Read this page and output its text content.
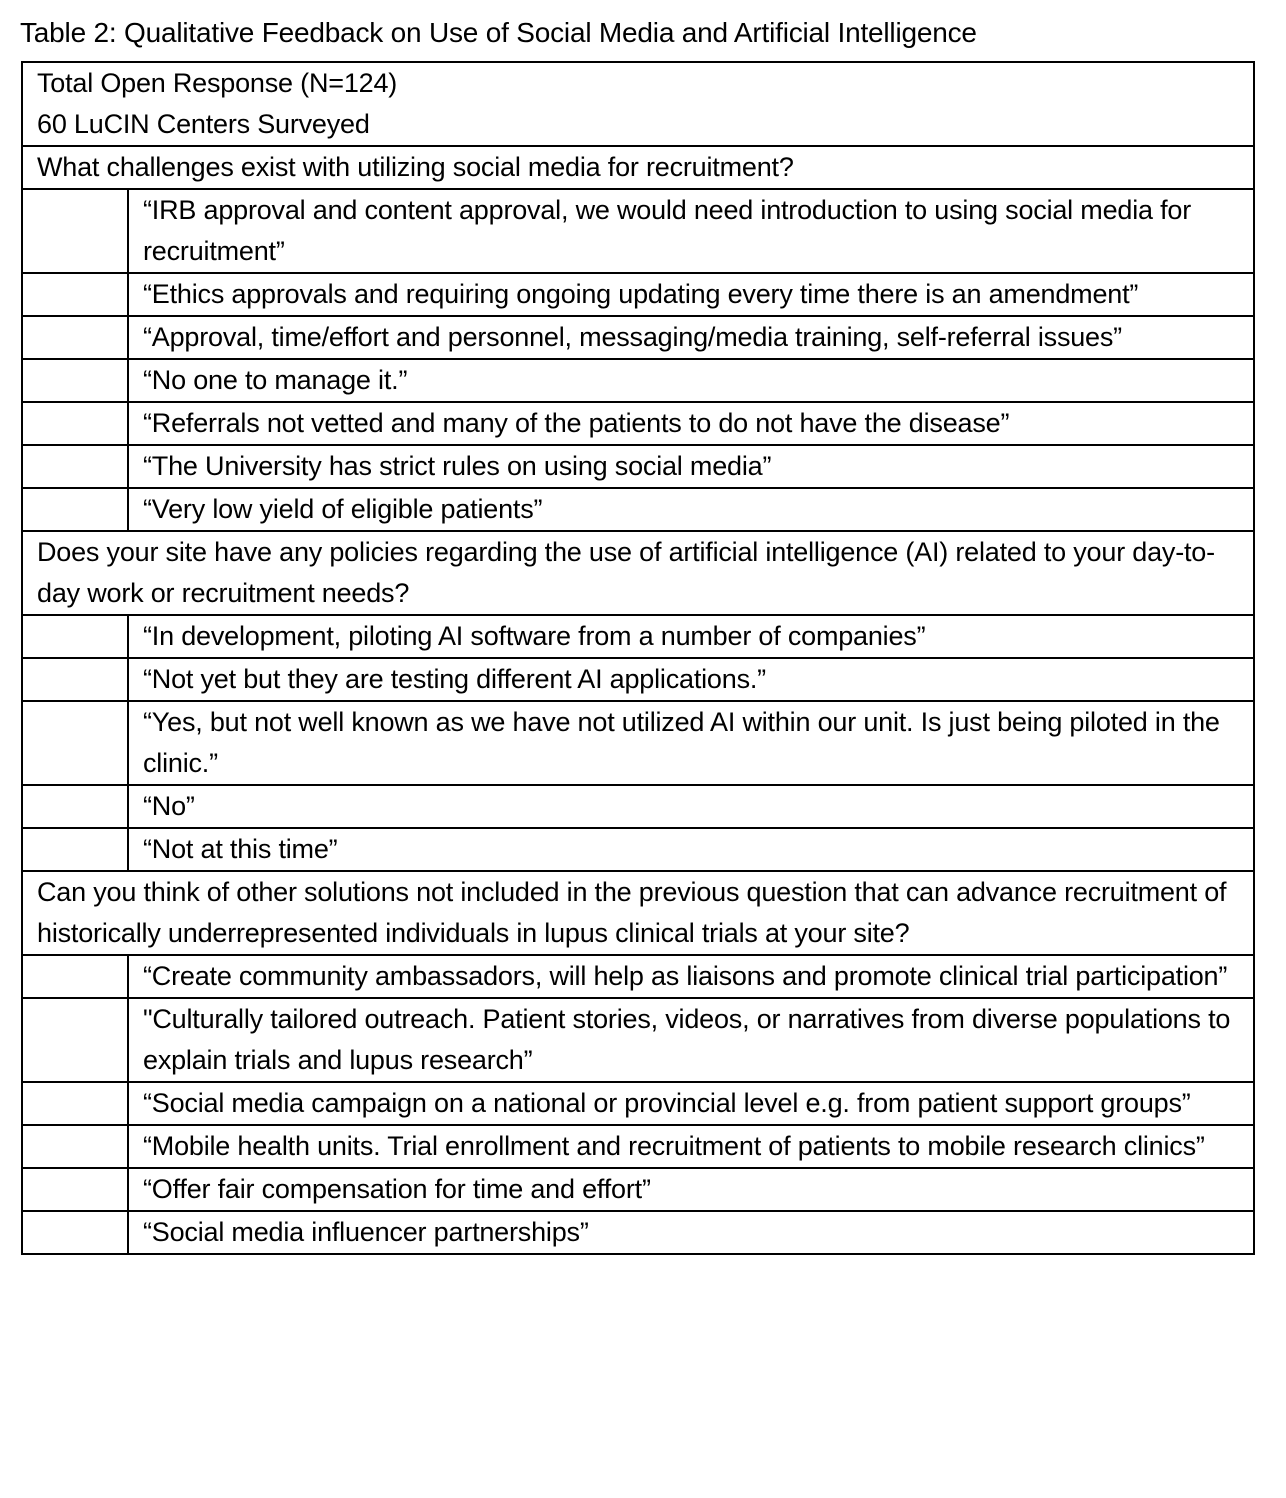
Table 2: Qualitative Feedback on Use of Social Media and Artificial Intelligence
Total Open Response (N=124)
60 LuCIN Centers Surveyed	

What challenges exist with utilizing social media for recruitment?	
	“IRB approval and content approval, we would need introduction to using social media for recruitment”
	“Ethics approvals and requiring ongoing updating every time there is an amendment”
	“Approval, time/effort and personnel, messaging/media training, self-referral issues”
	“No one to manage it.”
	“Referrals not vetted and many of the patients to do not have the disease”
	“The University has strict rules on using social media”
	“Very low yield of eligible patients”
Does your site have any policies regarding the use of artificial intelligence (AI) related to your day-to-day work or recruitment needs?	
	“In development, piloting AI software from a number of companies”
	“Not yet but they are testing different AI applications.”
	“Yes, but not well known as we have not utilized AI within our unit. Is just being piloted in the clinic.”
	“No”
	“Not at this time”
Can you think of other solutions not included in the previous question that can advance recruitment of historically underrepresented individuals in lupus clinical trials at your site?	
	“Create community ambassadors, will help as liaisons and promote clinical trial participation”
	"Culturally tailored outreach. Patient stories, videos, or narratives from diverse populations to explain trials and lupus research”
	“Social media campaign on a national or provincial level e.g. from patient support groups”
	“Mobile health units. Trial enrollment and recruitment of patients to mobile research clinics”
	“Offer fair compensation for time and effort”
	“Social media influencer partnerships”
